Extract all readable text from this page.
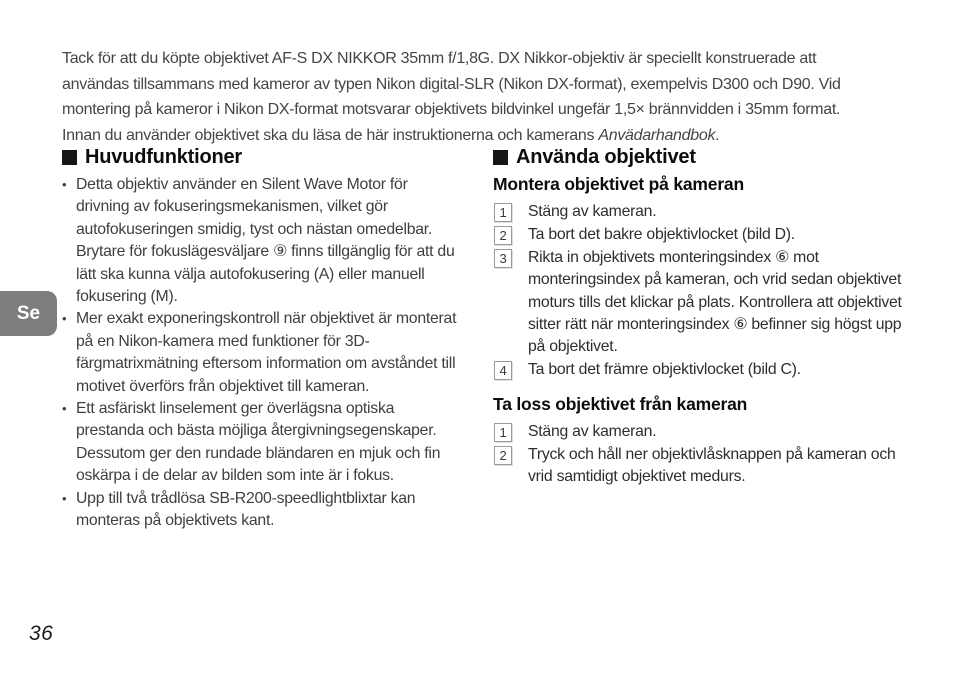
Tack för att du köpte objektivet AF-S DX NIKKOR 35mm f/1,8G. DX Nikkor-objektiv är speciellt konstruerade att
användas tillsammans med kameror av typen Nikon digital-SLR (Nikon DX-format), exempelvis D300 och D90. Vid
montering på kameror i Nikon DX-format motsvarar objektivets bildvinkel ungefär 1,5× brännvidden i 35mm format.
Innan du använder objektivet ska du läsa de här instruktionerna och kamerans Anvädarhandbok.

Huvudfunktioner
• Detta objektiv använder en Silent Wave Motor för drivning av fokuseringsmekanismen, vilket gör autofokuseringen smidig, tyst och nästan omedelbar. Brytare för fokuslägesväljare ⑨ finns tillgänglig för att du lätt ska kunna välja autofokusering (A) eller manuell fokusering (M).
• Mer exakt exponeringskontroll när objektivet är monterat på en Nikon-kamera med funktioner för 3D-färgmatrixmätning eftersom information om avståndet till motivet överförs från objektivet till kameran.
• Ett asfäriskt linselement ger överlägsna optiska prestanda och bästa möjliga återgivningsegenskaper. Dessutom ger den rundade bländaren en mjuk och fin oskärpa i de delar av bilden som inte är i fokus.
• Upp till två trådlösa SB-R200-speedlightblixtar kan monteras på objektivets kant.
Använda objektivet
Montera objektivet på kameran
1	Stäng av kameran.
2	Ta bort det bakre objektivlocket (bild D).
3	Rikta in objektivets monteringsindex ⑥ mot monteringsindex på kameran, och vrid sedan objektivet moturs tills det klickar på plats. Kontrollera att objektivet sitter rätt när monteringsindex ⑥ befinner sig högst upp på objektivet.
4	Ta bort det främre objektivlocket (bild C).
Ta loss objektivet från kameran
1	Stäng av kameran.
2	Tryck och håll ner objektivlåsknappen på kameran och vrid samtidigt objektivet medurs.
Se
36
